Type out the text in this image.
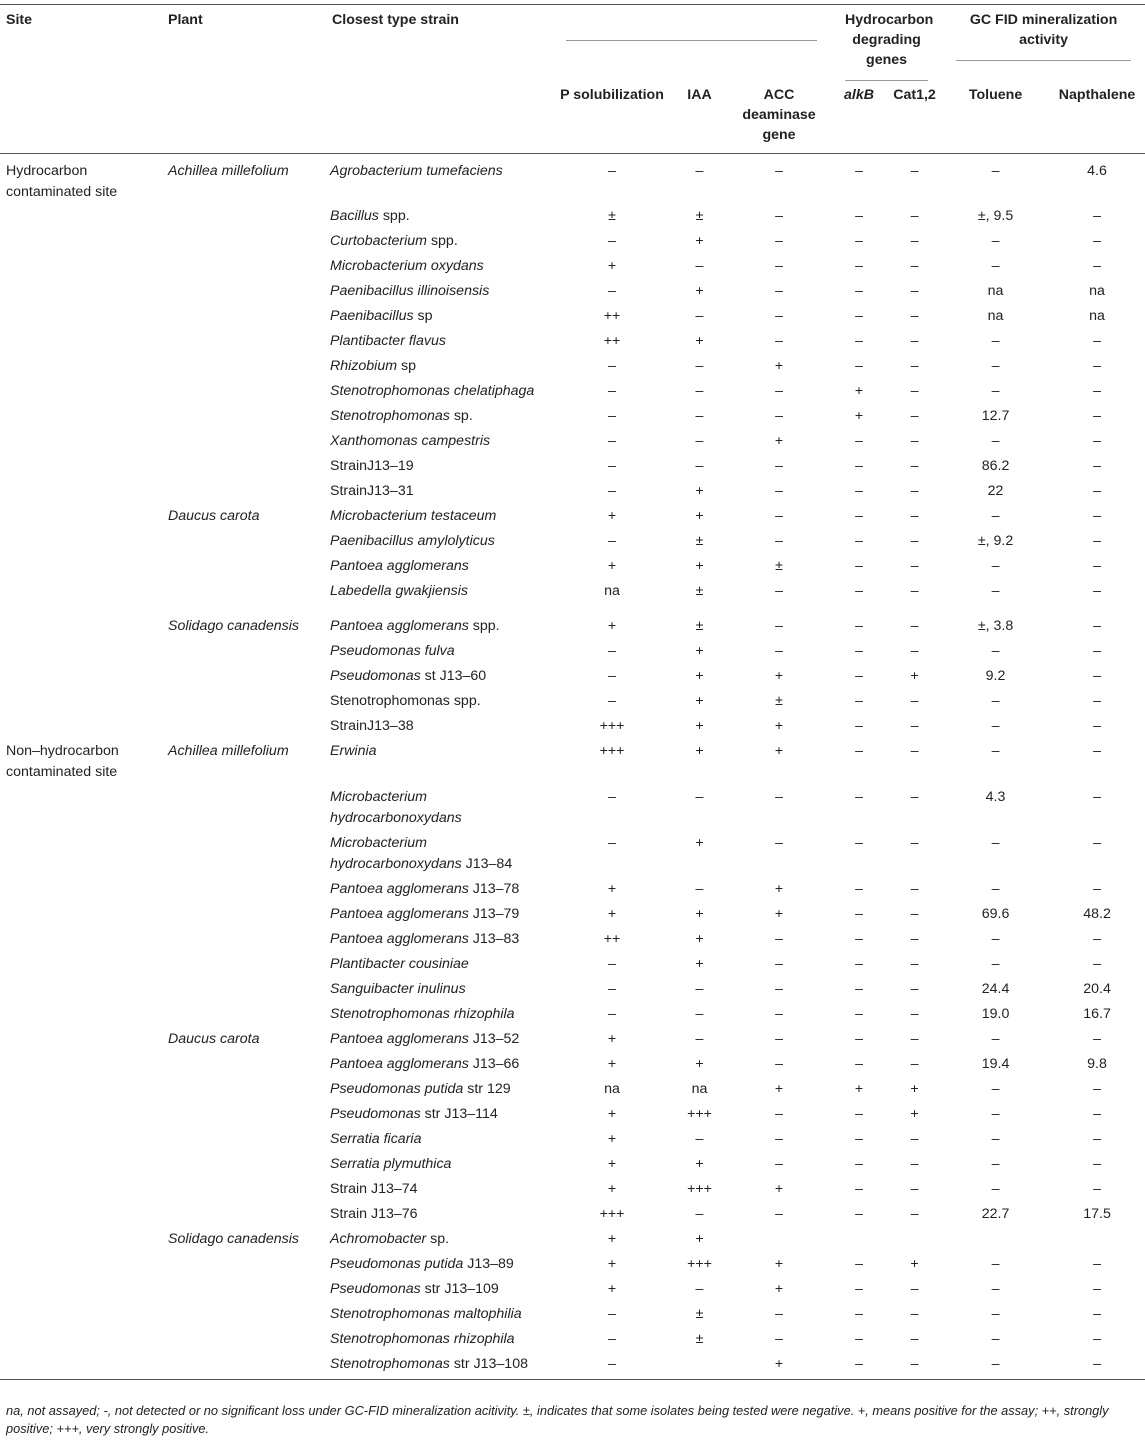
Site	Plant	Closest type strain				Hydrocarbon degrading genes		GC FID mineralization activity	

			P solubilization	IAA	ACC deaminase gene	alkB	Cat1,2	Toluene	Napthalene
Hydrocarbon contaminated site	Achillea millefolium	Agrobacterium tumefaciens	–	–	–	–	–	–	4.6
		Bacillus spp.	±	±	–	–	–	±, 9.5	–
		Curtobacterium spp.	–	+	–	–	–	–	–
		Microbacterium oxydans	+	–	–	–	–	–	–
		Paenibacillus illinoisensis	–	+	–	–	–	na	na
		Paenibacillus sp	++	–	–	–	–	na	na
		Plantibacter flavus	++	+	–	–	–	–	–
		Rhizobium sp	–	–	+	–	–	–	–
		Stenotrophomonas chelatiphaga	–	–	–	+	–	–	–
		Stenotrophomonas sp.	–	–	–	+	–	12.7	–
		Xanthomonas campestris	–	–	+	–	–	–	–
		StrainJ13–19	–	–	–	–	–	86.2	–
		StrainJ13–31	–	+	–	–	–	22	–
	Daucus carota	Microbacterium testaceum	+	+	–	–	–	–	–
		Paenibacillus amylolyticus	–	±	–	–	–	±, 9.2	–
		Pantoea agglomerans	+	+	±	–	–	–	–
		Labedella gwakjiensis	na	±	–	–	–	–	–

	Solidago canadensis	Pantoea agglomerans spp.	+	±	–	–	–	±, 3.8	–
		Pseudomonas fulva	–	+	–	–	–	–	–
		Pseudomonas st J13–60	–	+	+	–	+	9.2	–
		Stenotrophomonas spp.	–	+	±	–	–	–	–
		StrainJ13–38	+++	+	+	–	–	–	–
Non–hydrocarbon contaminated site	Achillea millefolium	Erwinia	+++	+	+	–	–	–	–
		Microbacterium hydrocarbonoxydans	–	–	–	–	–	4.3	–
		Microbacterium hydrocarbonoxydans J13–84	–	+	–	–	–	–	–
		Pantoea agglomerans J13–78	+	–	+	–	–	–	–
		Pantoea agglomerans J13–79	+	+	+	–	–	69.6	48.2
		Pantoea agglomerans J13–83	++	+	–	–	–	–	–
		Plantibacter cousiniae	–	+	–	–	–	–	–
		Sanguibacter inulinus	–	–	–	–	–	24.4	20.4
		Stenotrophomonas rhizophila	–	–	–	–	–	19.0	16.7
	Daucus carota	Pantoea agglomerans J13–52	+	–	–	–	–	–	–
		Pantoea agglomerans J13–66	+	+	–	–	–	19.4	9.8
		Pseudomonas putida str 129	na	na	+	+	+	–	–
		Pseudomonas str J13–114	+	+++	–	–	+	–	–
		Serratia ficaria	+	–	–	–	–	–	–
		Serratia plymuthica	+	+	–	–	–	–	–
		Strain J13–74	+	+++	+	–	–	–	–
		Strain J13–76	+++	–	–	–	–	22.7	17.5
	Solidago canadensis	Achromobacter sp.	+	+					
		Pseudomonas putida J13–89	+	+++	+	–	+	–	–
		Pseudomonas str J13–109	+	–	+	–	–	–	–
		Stenotrophomonas maltophilia	–	±	–	–	–	–	–
		Stenotrophomonas rhizophila	–	±	–	–	–	–	–
		Stenotrophomonas str J13–108	–		+	–	–	–	–
na, not assayed; -, not detected or no significant loss under GC-FID mineralization acitivity. ±, indicates that some isolates being tested were negative. +, means positive for the assay; ++, strongly positive; +++, very strongly positive.
